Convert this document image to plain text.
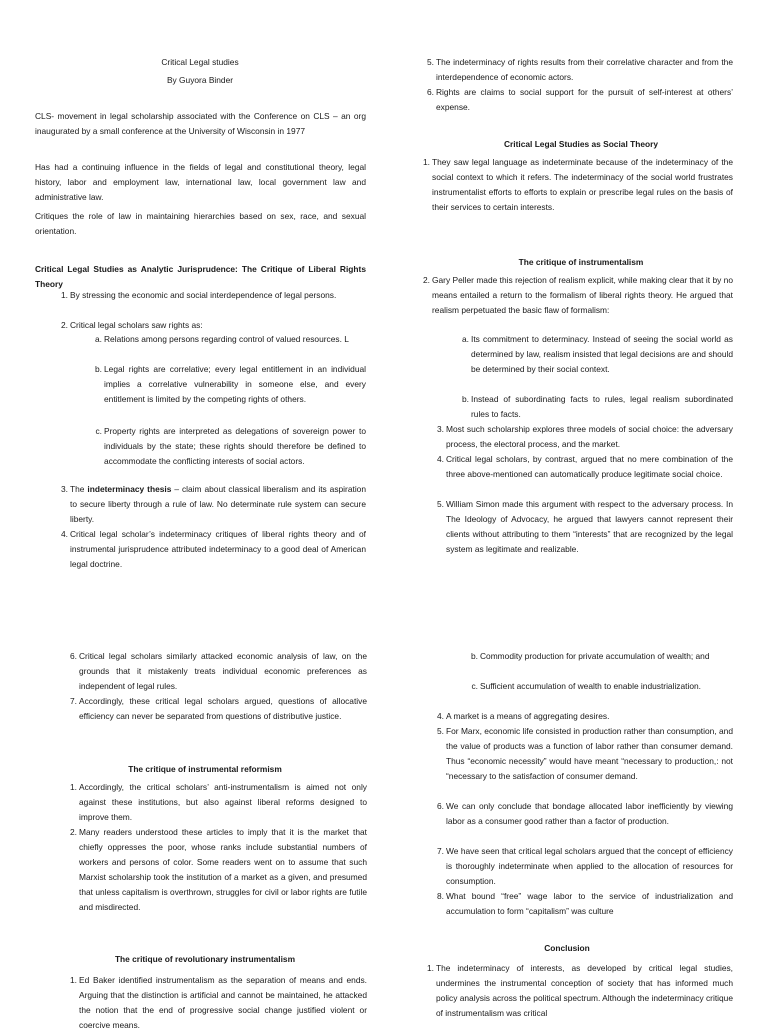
Critical Legal studies
By Guyora Binder
CLS- movement in legal scholarship associated with the Conference on CLS – an org inaugurated by a small conference at the University of Wisconsin in 1977
Has had a continuing influence in the fields of legal and constitutional theory, legal history, labor and employment law, international law, local government law and administrative law.
Critiques the role of law in maintaining hierarchies based on sex, race, and sexual orientation.
Critical Legal Studies as Analytic Jurisprudence: The Critique of Liberal Rights Theory
1. By stressing the economic and social interdependence of legal persons.
2. Critical legal scholars saw rights as:
a. Relations among persons regarding control of valued resources. L
b. Legal rights are correlative; every legal entitlement in an individual implies a correlative vulnerability in someone else, and every entitlement is limited by the competing rights of others.
c. Property rights are interpreted as delegations of sovereign power to individuals by the state; these rights should therefore be defined to accommodate the conflicting interests of social actors.
3. The indeterminacy thesis – claim about classical liberalism and its aspiration to secure liberty through a rule of law. No determinate rule system can secure liberty.
4. Critical legal scholar’s indeterminacy critiques of liberal rights theory and of instrumental jurisprudence attributed indeterminacy to a good deal of American legal doctrine.
5. The indeterminacy of rights results from their correlative character and from the interdependence of economic actors.
6. Rights are claims to social support for the pursuit of self-interest at others’ expense.
Critical Legal Studies as Social Theory
1. They saw legal language as indeterminate because of the indeterminacy of the social context to which it refers. The indeterminacy of the social world frustrates instrumentalist efforts to efforts to explain or prescribe legal rules on the basis of their services to certain interests.
The critique of instrumentalism
2. Gary Peller made this rejection of realism explicit, while making clear that it by no means entailed a return to the formalism of liberal rights theory. He argued that realism perpetuated the basic flaw of formalism:
a. Its commitment to determinacy. Instead of seeing the social world as determined by law, realism insisted that legal decisions are and should be determined by their social context.
b. Instead of subordinating facts to rules, legal realism subordinated rules to facts.
3. Most such scholarship explores three models of social choice: the adversary process, the electoral process, and the market.
4. Critical legal scholars, by contrast, argued that no mere combination of the three above-mentioned can automatically produce legitimate social choice.
5. William Simon made this argument with respect to the adversary process. In The Ideology of Advocacy, he argued that lawyers cannot represent their clients without attributing to them “interests” that are recognized by the legal system as legitimate and realizable.
6. Critical legal scholars similarly attacked economic analysis of law, on the grounds that it mistakenly treats individual economic preferences as independent of legal rules.
7. Accordingly, these critical legal scholars argued, questions of allocative efficiency can never be separated from questions of distributive justice.
The critique of instrumental reformism
1. Accordingly, the critical scholars’ anti-instrumentalism is aimed not only against these institutions, but also against liberal reforms designed to improve them.
2. Many readers understood these articles to imply that it is the market that chiefly oppresses the poor, whose ranks include substantial numbers of workers and persons of color. Some readers went on to assume that such Marxist scholarship took the institution of a market as a given, and presumed that unless capitalism is overthrown, struggles for civil or labor rights are futile and misdirected.
The critique of revolutionary instrumentalism
1. Ed Baker identified instrumentalism as the separation of means and ends. Arguing that the distinction is artificial and cannot be maintained, he attacked the notion that the end of progressive social change justified violent or coercive means.
b. Commodity production for private accumulation of wealth; and
c. Sufficient accumulation of wealth to enable industrialization.
4. A market is a means of aggregating desires.
5. For Marx, economic life consisted in production rather than consumption, and the value of products was a function of labor rather than consumer demand. Thus “economic necessity” would have meant “necessary to production,: not “necessary to the satisfaction of consumer demand.
6. We can only conclude that bondage allocated labor inefficiently by viewing labor as a consumer good rather than a factor of production.
7. We have seen that critical legal scholars argued that the concept of efficiency is thoroughly indeterminate when applied to the allocation of resources for consumption.
8. What bound “free” wage labor to the service of industrialization and accumulation to form “capitalism” was culture
Conclusion
1. The indeterminacy of interests, as developed by critical legal studies, undermines the instrumental conception of society that has informed much policy analysis across the political spectrum. Although the indeterminacy critique of instrumentalism was critical
